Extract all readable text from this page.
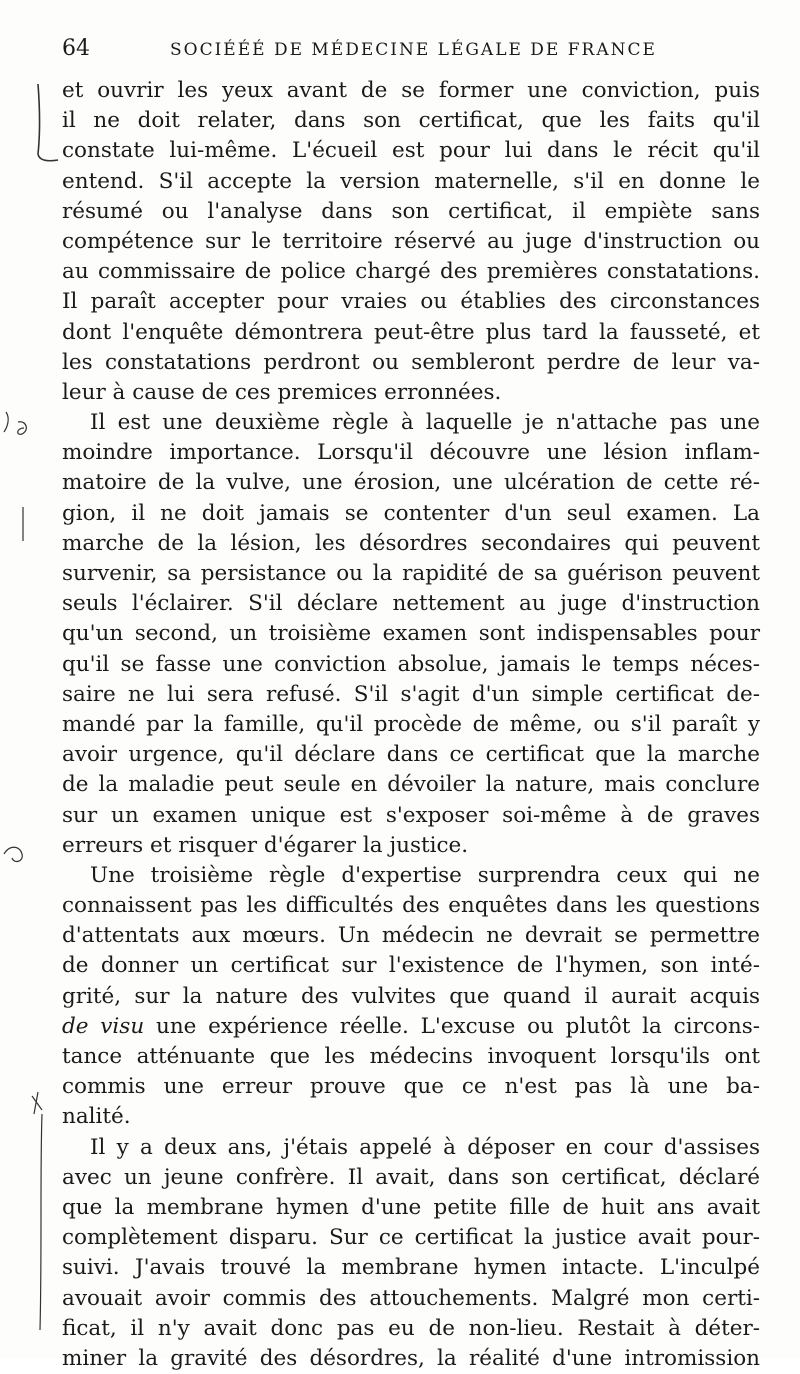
64	SOCIÉÉÉ DE MÉDECINE LÉGALE DE FRANCE
et ouvrir les yeux avant de se former une conviction, puis
il ne doit relater, dans son certificat, que les faits qu'il
constate lui-même. L'écueil est pour lui dans le récit qu'il
entend. S'il accepte la version maternelle, s'il en donne le
résumé ou l'analyse dans son certificat, il empiète sans
compétence sur le territoire réservé au juge d'instruction ou
au commissaire de police chargé des premières constatations.
Il paraît accepter pour vraies ou établies des circonstances
dont l'enquête démontrera peut-être plus tard la fausseté, et
les constatations perdront ou sembleront perdre de leur va-
leur à cause de ces premices erronnées.
Il est une deuxième règle à laquelle je n'attache pas une
moindre importance. Lorsqu'il découvre une lésion inflam-
matoire de la vulve, une érosion, une ulcération de cette ré-
gion, il ne doit jamais se contenter d'un seul examen. La
marche de la lésion, les désordres secondaires qui peuvent
survenir, sa persistance ou la rapidité de sa guérison peuvent
seuls l'éclairer. S'il déclare nettement au juge d'instruction
qu'un second, un troisième examen sont indispensables pour
qu'il se fasse une conviction absolue, jamais le temps néces-
saire ne lui sera refusé. S'il s'agit d'un simple certificat de-
mandé par la famille, qu'il procède de même, ou s'il paraît y
avoir urgence, qu'il déclare dans ce certificat que la marche
de la maladie peut seule en dévoiler la nature, mais conclure
sur un examen unique est s'exposer soi-même à de graves
erreurs et risquer d'égarer la justice.
Une troisième règle d'expertise surprendra ceux qui ne
connaissent pas les difficultés des enquêtes dans les questions
d'attentats aux mœurs. Un médecin ne devrait se permettre
de donner un certificat sur l'existence de l'hymen, son inté-
grité, sur la nature des vulvites que quand il aurait acquis
de visu une expérience réelle. L'excuse ou plutôt la circons-
tance atténuante que les médecins invoquent lorsqu'ils ont
commis une erreur prouve que ce n'est pas là une ba-
nalité.
Il y a deux ans, j'étais appelé à déposer en cour d'assises
avec un jeune confrère. Il avait, dans son certificat, déclaré
que la membrane hymen d'une petite fille de huit ans avait
complètement disparu. Sur ce certificat la justice avait pour-
suivi. J'avais trouvé la membrane hymen intacte. L'inculpé
avouait avoir commis des attouchements. Malgré mon certi-
ficat, il n'y avait donc pas eu de non-lieu. Restait à déter-
miner la gravité des désordres, la réalité d'une intromission
